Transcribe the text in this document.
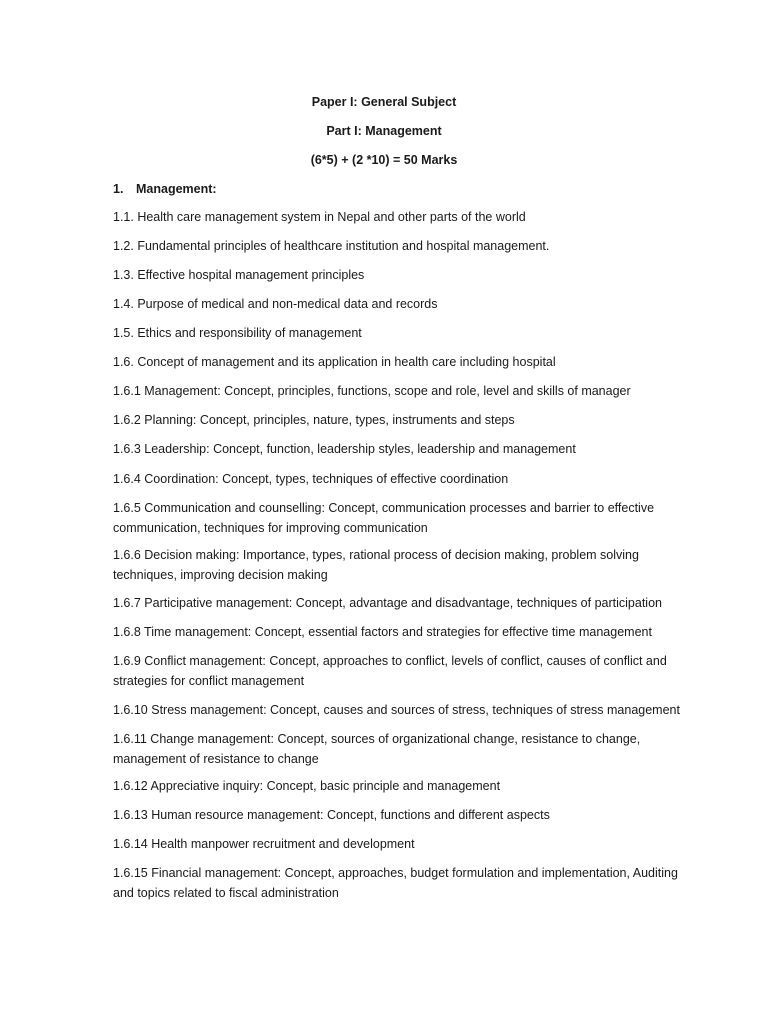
Paper I: General Subject
Part I: Management
(6*5) + (2 *10) = 50 Marks
1. Management:
1.1. Health care management system in Nepal and other parts of the world
1.2. Fundamental principles of healthcare institution and hospital management.
1.3. Effective hospital management principles
1.4. Purpose of medical and non-medical data and records
1.5. Ethics and responsibility of management
1.6. Concept of management and its application in health care including hospital
1.6.1 Management: Concept, principles, functions, scope and role, level and skills of manager
1.6.2 Planning: Concept, principles, nature, types, instruments and steps
1.6.3 Leadership: Concept, function, leadership styles, leadership and management
1.6.4 Coordination: Concept, types, techniques of effective coordination
1.6.5 Communication and counselling: Concept, communication processes and barrier to effective communication, techniques for improving communication
1.6.6 Decision making: Importance, types, rational process of decision making, problem solving techniques, improving decision making
1.6.7 Participative management: Concept, advantage and disadvantage, techniques of participation
1.6.8 Time management: Concept, essential factors and strategies for effective time management
1.6.9 Conflict management: Concept, approaches to conflict, levels of conflict, causes of conflict and strategies for conflict management
1.6.10 Stress management: Concept, causes and sources of stress, techniques of stress management
1.6.11 Change management: Concept, sources of organizational change, resistance to change, management of resistance to change
1.6.12 Appreciative inquiry: Concept, basic principle and management
1.6.13 Human resource management: Concept, functions and different aspects
1.6.14 Health manpower recruitment and development
1.6.15 Financial management: Concept, approaches, budget formulation and implementation, Auditing and topics related to fiscal administration
